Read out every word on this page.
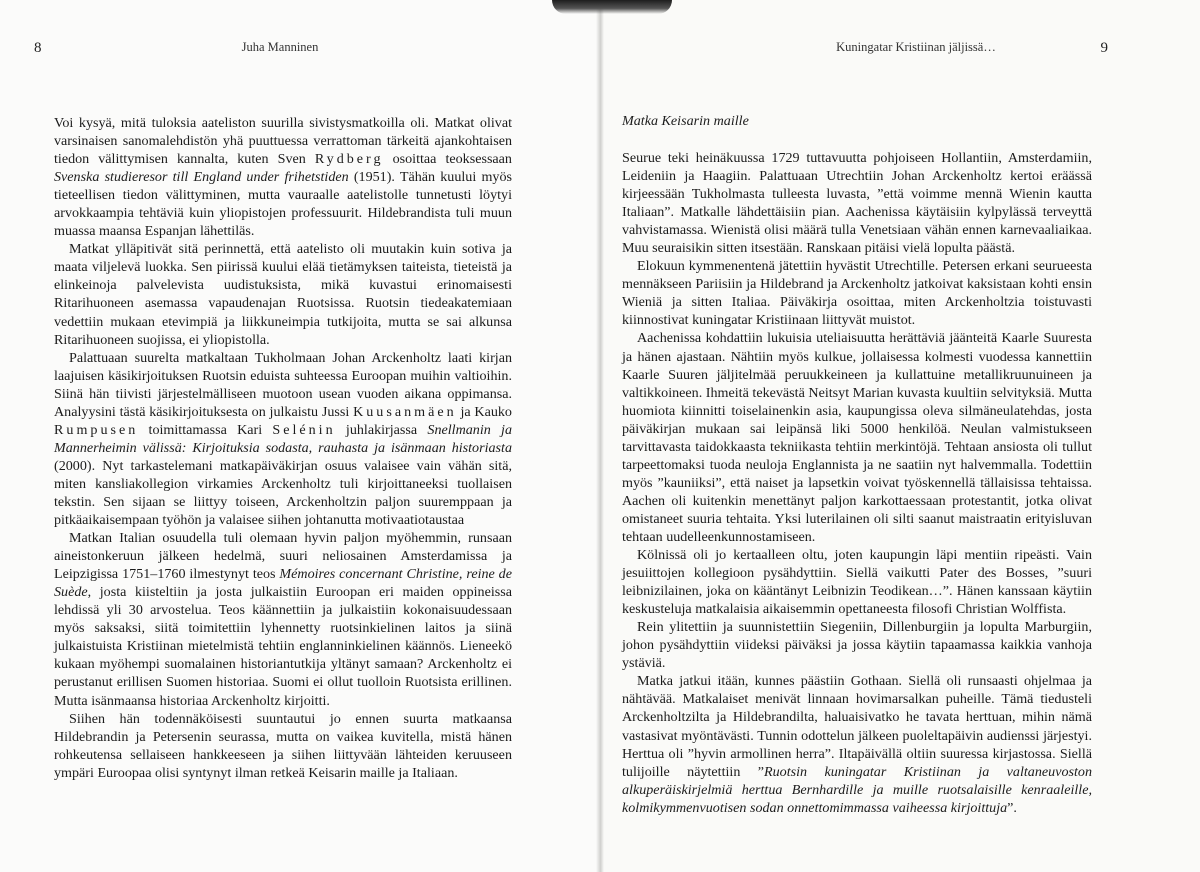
8	Juha Manninen

Voi kysyä, mitä tuloksia aateliston suurilla sivistysmatkoilla oli. Matkat olivat varsinaisen sanomalehdistön yhä puuttuessa verrattoman tärkeitä ajankohtaisen tiedon välittymisen kannalta, kuten Sven Rydberg osoittaa teoksessaan Svenska studieresor till England under frihetstiden (1951). Tähän kuului myös tieteellisen tiedon välittyminen, mutta vauraalle aatelistolle tunnetusti löytyi arvokkaampia tehtäviä kuin yliopistojen professuurit. Hildebrandista tuli muun muassa maansa Espanjan lähettiläs.

Matkat ylläpitivät sitä perinnettä, että aatelisto oli muutakin kuin sotiva ja maata viljelevä luokka. Sen piirissä kuului elää tietämyksen taiteista, tieteistä ja elinkeinoja palvelevista uudistuksista, mikä kuvastui erinomaisesti Ritarihuoneen asemassa vapaudenajan Ruotsissa. Ruotsin tiedeakatemiaan vedettiin mukaan etevimpiä ja liikkuneimpia tutkijoita, mutta se sai alkunsa Ritarihuoneen suojissa, ei yliopistolla.

Palattuaan suurelta matkaltaan Tukholmaan Johan Arckenholtz laati kirjan laajuisen käsikirjoituksen Ruotsin eduista suhteessa Euroopan muihin valtioihin. Siinä hän tiivisti järjestelmälliseen muotoon usean vuoden aikana oppimansa. Analyysini tästä käsikirjoituksesta on julkaistu Jussi Kuusanmäen ja Kauko Rumpusen toimittamassa Kari Selénin juhlakirjassa Snellmanin ja Mannerheimin välissä: Kirjoituksia sodasta, rauhasta ja isänmaan historiasta (2000). Nyt tarkastelemani matkapäiväkirjan osuus valaisee vain vähän sitä, miten kansliakollegion virkamies Arckenholtz tuli kirjoittaneeksi tuollaisen tekstin. Sen sijaan se liittyy toiseen, Arckenholtzin paljon suuremppaan ja pitkäaikaisempaan työhön ja valaisee siihen johtanutta motivaatiotaustaa

Matkan Italian osuudella tuli olemaan hyvin paljon myöhemmin, runsaan aineistonkeruun jälkeen hedelmä, suuri neliosainen Amsterdamissa ja Leipzigissa 1751–1760 ilmestynyt teos Mémoires concernant Christine, reine de Suède, josta kiisteltiin ja josta julkaistiin Euroopan eri maiden oppineissa lehdissä yli 30 arvostelua. Teos käännettiin ja julkaistiin kokonaisuudessaan myös saksaksi, siitä toimitettiin lyhennetty ruotsinkielinen laitos ja siinä julkaistuista Kristiinan mietelmistä tehtiin englanninkielinen käännös. Lieneekö kukaan myöhempi suomalainen historiantutkija yltänyt samaan? Arckenholtz ei perustanut erillisen Suomen historiaa. Suomi ei ollut tuolloin Ruotsista erillinen. Mutta isänmaansa historiaa Arckenholtz kirjoitti.

Siihen hän todennäköisesti suuntautui jo ennen suurta matkaansa Hildebrandin ja Petersenin seurassa, mutta on vaikea kuvitella, mistä hänen rohkeutensa sellaiseen hankkeeseen ja siihen liittyvään lähteiden keruuseen ympäri Euroopaa olisi syntynyt ilman retkeä Keisarin maille ja Italiaan.

Kuningatar Kristiinan jäljissä…	9
Matka Keisarin maille

Seurue teki heinäkuussa 1729 tuttavuutta pohjoiseen Hollantiin, Amsterdamiin, Leideniin ja Haagiin. Palattuaan Utrechtiin Johan Arckenholtz kertoi eräässä kirjeessään Tukholmasta tulleesta luvasta, ”että voimme mennä Wienin kautta Italiaan”. Matkalle lähdettäisiin pian. Aachenissa käytäisiin kylpylässä terveyttä vahvistamassa. Wienistä olisi määrä tulla Venetsiaan vähän ennen karnevaaliaikaa. Muu seuraisikin sitten itsestään. Ranskaan pitäisi vielä lopulta päästä.

Elokuun kymmenentenä jätettiin hyvästit Utrechtille. Petersen erkani seurueesta mennäkseen Pariisiin ja Hildebrand ja Arckenholtz jatkoivat kaksistaan kohti ensin Wieniä ja sitten Italiaa. Päiväkirja osoittaa, miten Arckenholtzia toistuvasti kiinnostivat kuningatar Kristiinaan liittyvät muistot.

Aachenissa kohdattiin lukuisia uteliaisuutta herättäviä jäänteitä Kaarle Suuresta ja hänen ajastaan. Nähtiin myös kulkue, jollaisessa kolmesti vuodessa kannettiin Kaarle Suuren jäljitelmää peruukkeineen ja kullattuine metallikruunuineen ja valtikkoineen. Ihmeitä tekevästä Neitsyt Marian kuvasta kuultiin selvityksiä. Mutta huomiota kiinnitti toiselainenkin asia, kaupungissa oleva silmäneulatehdas, josta päiväkirjan mukaan sai leipänsä liki 5000 henkilöä. Neulan valmistukseen tarvittavasta taidokkaasta tekniikasta tehtiin merkintöjä. Tehtaan ansiosta oli tullut tarpeettomaksi tuoda neuloja Englannista ja ne saatiin nyt halvemmalla. Todettiin myös ”kauniiksi”, että naiset ja lapsetkin voivat työskennellä tällaisissa tehtaissa. Aachen oli kuitenkin menettänyt paljon karkottaessaan protestantit, jotka olivat omistaneet suuria tehtaita. Yksi luterilainen oli silti saanut maistraatin erityisluvan tehtaan uudelleenkunnostamiseen.

Kölnissä oli jo kertaalleen oltu, joten kaupungin läpi mentiin ripeästi. Vain jesuiittojen kollegioon pysähdyttiin. Siellä vaikutti Pater des Bosses, ”suuri leibnizilainen, joka on kääntänyt Leibnizin Teodikean…”. Hänen kanssaan käytiin keskusteluja matkalaisia aikaisemmin opettaneesta filosofi Christian Wolffista.

Rein ylitettiin ja suunnistettiin Siegeniin, Dillenburgiin ja lopulta Marburgiin, johon pysähdyttiin viideksi päiväksi ja jossa käytiin tapaamassa kaikkia vanhoja ystäviä.

Matka jatkui itään, kunnes päästiin Gothaan. Siellä oli runsaasti ohjelmaa ja nähtävää. Matkalaiset menivät linnaan hovimarsalkan puheille. Tämä tiedusteli Arckenholtzilta ja Hildebrandilta, haluaisivatko he tavata herttuan, mihin nämä vastasivat myöntävästi. Tunnin odottelun jälkeen puoleltapäivin audienssi järjestyi. Herttua oli ”hyvin armollinen herra”. Iltapäivällä oltiin suuressa kirjastossa. Siellä tulijoille näytettiin ”Ruotsin kuningatar Kristiinan ja valtaneuvoston alkuperäiskirjelmiä herttua Bernhardille ja muille ruotsalaisille kenraaleille, kolmikymmenvuotisen sodan onnettomimmassa vaiheessa kirjoittuja”.
